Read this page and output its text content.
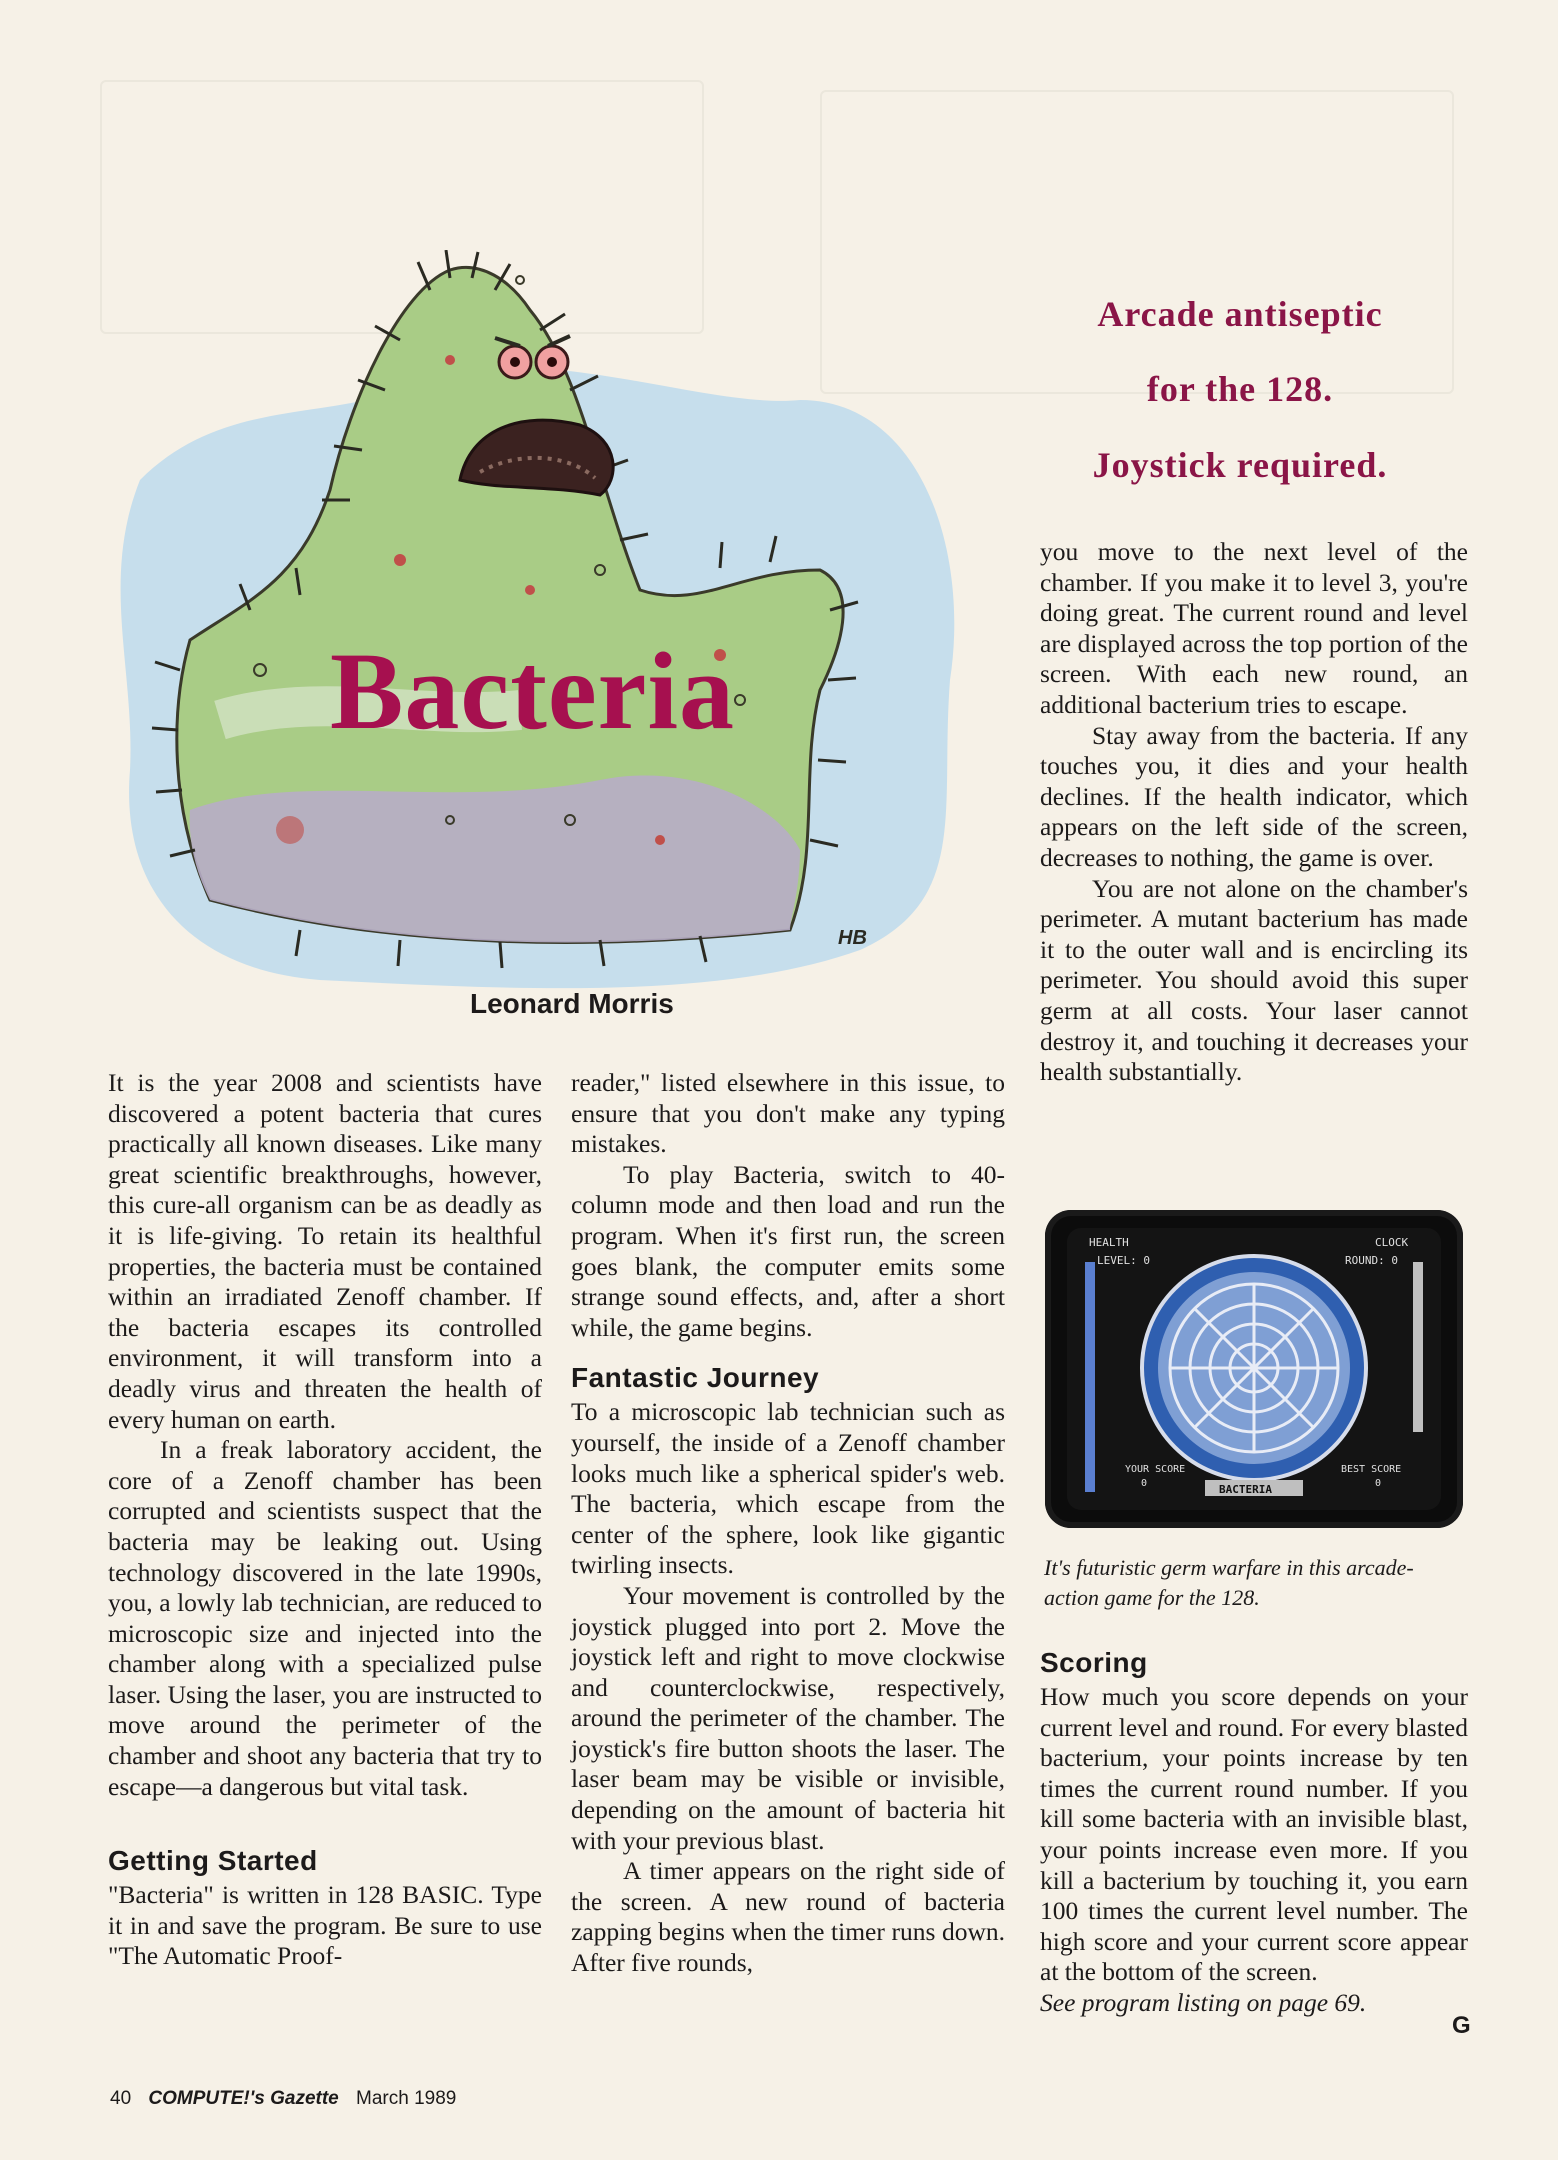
Arcade antiseptic
for the 128.
Joystick required.
HB
Bacteria
Leonard Morris

It is the year 2008 and scientists have discovered a potent bacteria that cures practically all known diseases. Like many great scientific breakthroughs, however, this cure-all organism can be as deadly as it is life-giving. To retain its healthful properties, the bacteria must be contained within an irradiated Zenoff chamber. If the bacteria escapes its controlled environment, it will transform into a deadly virus and threaten the health of every human on earth.

In a freak laboratory accident, the core of a Zenoff chamber has been corrupted and scientists suspect that the bacteria may be leaking out. Using technology discovered in the late 1990s, you, a lowly lab technician, are reduced to microscopic size and injected into the chamber along with a specialized pulse laser. Using the laser, you are instructed to move around the perimeter of the chamber and shoot any bacteria that try to escape—a dangerous but vital task.

Getting Started

"Bacteria" is written in 128 BASIC. Type it in and save the program. Be sure to use "The Automatic Proof-

reader," listed elsewhere in this issue, to ensure that you don't make any typing mistakes.

To play Bacteria, switch to 40-column mode and then load and run the program. When it's first run, the screen goes blank, the computer emits some strange sound effects, and, after a short while, the game begins.

Fantastic Journey

To a microscopic lab technician such as yourself, the inside of a Zenoff chamber looks much like a spherical spider's web. The bacteria, which escape from the center of the sphere, look like gigantic twirling insects.

Your movement is controlled by the joystick plugged into port 2. Move the joystick left and right to move clockwise and counterclockwise, respectively, around the perimeter of the chamber. The joystick's fire button shoots the laser. The laser beam may be visible or invisible, depending on the amount of bacteria hit with your previous blast.

A timer appears on the right side of the screen. A new round of bacteria zapping begins when the timer runs down. After five rounds,

you move to the next level of the chamber. If you make it to level 3, you're doing great. The current round and level are displayed across the top portion of the screen. With each new round, an additional bacterium tries to escape.

Stay away from the bacteria. If any touches you, it dies and your health declines. If the health indicator, which appears on the left side of the screen, decreases to nothing, the game is over.

You are not alone on the chamber's perimeter. A mutant bacterium has made it to the outer wall and is encircling its perimeter. You should avoid this super germ at all costs. Your laser cannot destroy it, and touching it decreases your health substantially.

HEALTH
LEVEL: 0
CLOCK
ROUND: 0
YOUR SCORE
0
BEST SCORE
0
BACTERIA
It's futuristic germ warfare in this arcade-action game for the 128.
Scoring

How much you score depends on your current level and round. For every blasted bacterium, your points increase by ten times the current round number. If you kill some bacteria with an invisible blast, your points increase even more. If you kill a bacterium by touching it, you earn 100 times the current level number. The high score and your current score appear at the bottom of the screen.

See program listing on page 69.

G
40 COMPUTE!'s Gazette March 1989
